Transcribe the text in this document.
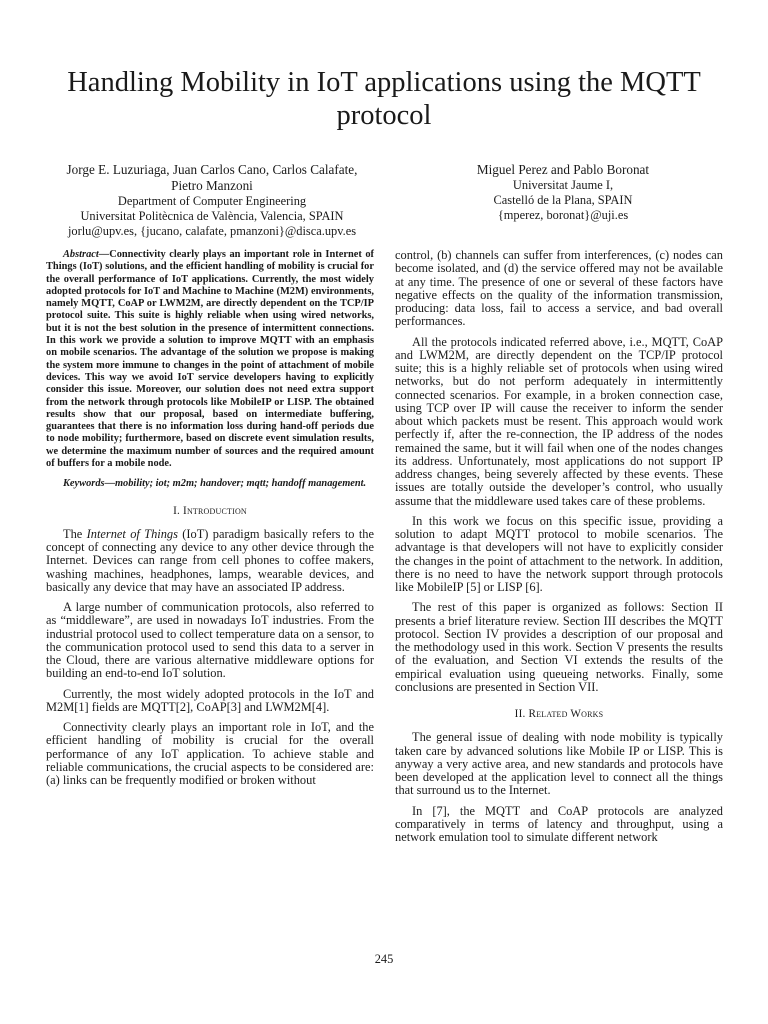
Handling Mobility in IoT applications using the MQTT protocol
Jorge E. Luzuriaga, Juan Carlos Cano, Carlos Calafate,
Pietro Manzoni
Department of Computer Engineering
Universitat Politècnica de València, Valencia, SPAIN
jorlu@upv.es, {jucano, calafate, pmanzoni}@disca.upv.es
Miguel Perez and Pablo Boronat
Universitat Jaume I,
Castelló de la Plana, SPAIN
{mperez, boronat}@uji.es

Abstract—Connectivity clearly plays an important role in Internet of Things (IoT) solutions, and the efficient handling of mobility is crucial for the overall performance of IoT applications. Currently, the most widely adopted protocols for IoT and Machine to Machine (M2M) environments, namely MQTT, CoAP or LWM2M, are directly dependent on the TCP/IP protocol suite. This suite is highly reliable when using wired networks, but it is not the best solution in the presence of intermittent connections. In this work we provide a solution to improve MQTT with an emphasis on mobile scenarios. The advantage of the solution we propose is making the system more immune to changes in the point of attachment of mobile devices. This way we avoid IoT service developers having to explicitly consider this issue. Moreover, our solution does not need extra support from the network through protocols like MobileIP or LISP. The obtained results show that our proposal, based on intermediate buffering, guarantees that there is no information loss during hand-off periods due to node mobility; furthermore, based on discrete event simulation results, we determine the maximum number of sources and the required amount of buffers for a mobile node.

Keywords—mobility; iot; m2m; handover; mqtt; handoff management.

I. Introduction

The Internet of Things (IoT) paradigm basically refers to the concept of connecting any device to any other device through the Internet. Devices can range from cell phones to coffee makers, washing machines, headphones, lamps, wearable devices, and basically any device that may have an associated IP address.

A large number of communication protocols, also referred to as “middleware”, are used in nowadays IoT industries. From the industrial protocol used to collect temperature data on a sensor, to the communication protocol used to send this data to a server in the Cloud, there are various alternative middleware options for building an end-to-end IoT solution.

Currently, the most widely adopted protocols in the IoT and M2M[1] fields are MQTT[2], CoAP[3] and LWM2M[4].

Connectivity clearly plays an important role in IoT, and the efficient handling of mobility is crucial for the overall performance of any IoT application. To achieve stable and reliable communications, the crucial aspects to be considered are: (a) links can be frequently modified or broken without

control, (b) channels can suffer from interferences, (c) nodes can become isolated, and (d) the service offered may not be available at any time. The presence of one or several of these factors have negative effects on the quality of the information transmission, producing: data loss, fail to access a service, and bad overall performances.

All the protocols indicated referred above, i.e., MQTT, CoAP and LWM2M, are directly dependent on the TCP/IP protocol suite; this is a highly reliable set of protocols when using wired networks, but do not perform adequately in intermittently connected scenarios. For example, in a broken connection case, using TCP over IP will cause the receiver to inform the sender about which packets must be resent. This approach would work perfectly if, after the re-connection, the IP address of the nodes remained the same, but it will fail when one of the nodes changes its address. Unfortunately, most applications do not support IP address changes, being severely affected by these events. These issues are totally outside the developer’s control, who usually assume that the middleware used takes care of these problems.

In this work we focus on this specific issue, providing a solution to adapt MQTT protocol to mobile scenarios. The advantage is that developers will not have to explicitly consider the changes in the point of attachment to the network. In addition, there is no need to have the network support through protocols like MobileIP [5] or LISP [6].

The rest of this paper is organized as follows: Section II presents a brief literature review. Section III describes the MQTT protocol. Section IV provides a description of our proposal and the methodology used in this work. Section V presents the results of the evaluation, and Section VI extends the results of the empirical evaluation using queueing networks. Finally, some conclusions are presented in Section VII.

II. Related Works

The general issue of dealing with node mobility is typically taken care by advanced solutions like Mobile IP or LISP. This is anyway a very active area, and new standards and protocols have been developed at the application level to connect all the things that surround us to the Internet.

In [7], the MQTT and CoAP protocols are analyzed comparatively in terms of latency and throughput, using a network emulation tool to simulate different network

245
